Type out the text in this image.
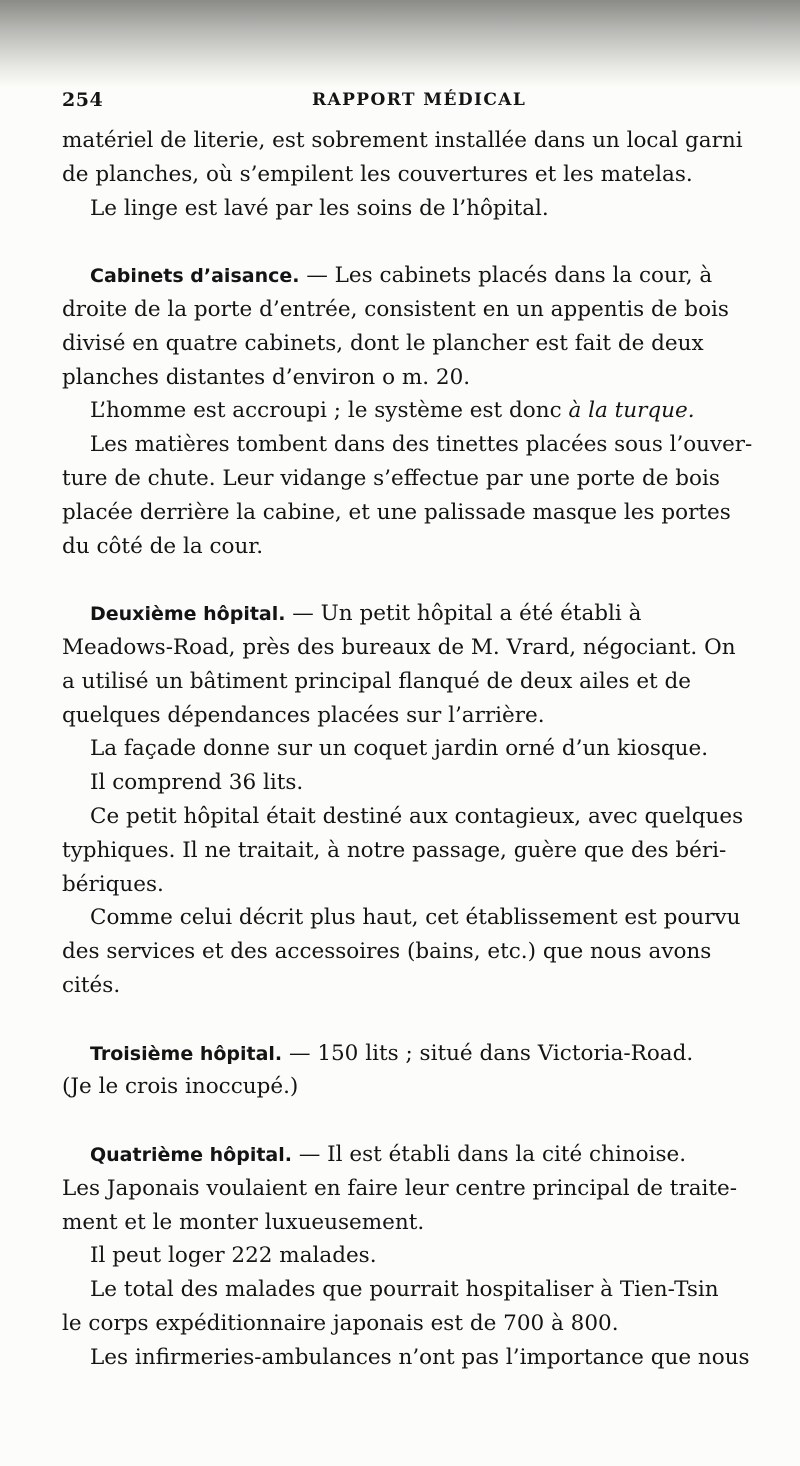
254	RAPPORT MÉDICAL
matériel de literie, est sobrement installée dans un local garni
de planches, où s’empilent les couvertures et les matelas.
Le linge est lavé par les soins de l’hôpital.
Cabinets d’aisance. — Les cabinets placés dans la cour, à
droite de la porte d’entrée, consistent en un appentis de bois
divisé en quatre cabinets, dont le plancher est fait de deux
planches distantes d’environ o m. 20.
L’homme est accroupi ; le système est donc à la turque.
Les matières tombent dans des tinettes placées sous l’ouver-
ture de chute. Leur vidange s’effectue par une porte de bois
placée derrière la cabine, et une palissade masque les portes
du côté de la cour.
Deuxième hôpital. — Un petit hôpital a été établi à
Meadows-Road, près des bureaux de M. Vrard, négociant. On
a utilisé un bâtiment principal flanqué de deux ailes et de
quelques dépendances placées sur l’arrière.
La façade donne sur un coquet jardin orné d’un kiosque.
Il comprend 36 lits.
Ce petit hôpital était destiné aux contagieux, avec quelques
typhiques. Il ne traitait, à notre passage, guère que des béri-
bériques.
Comme celui décrit plus haut, cet établissement est pourvu
des services et des accessoires (bains, etc.) que nous avons
cités.
Troisième hôpital. — 150 lits ; situé dans Victoria-Road.
(Je le crois inoccupé.)
Quatrième hôpital. — Il est établi dans la cité chinoise.
Les Japonais voulaient en faire leur centre principal de traite-
ment et le monter luxueusement.
Il peut loger 222 malades.
Le total des malades que pourrait hospitaliser à Tien-Tsin
le corps expéditionnaire japonais est de 700 à 800.
Les infirmeries-ambulances n’ont pas l’importance que nous
